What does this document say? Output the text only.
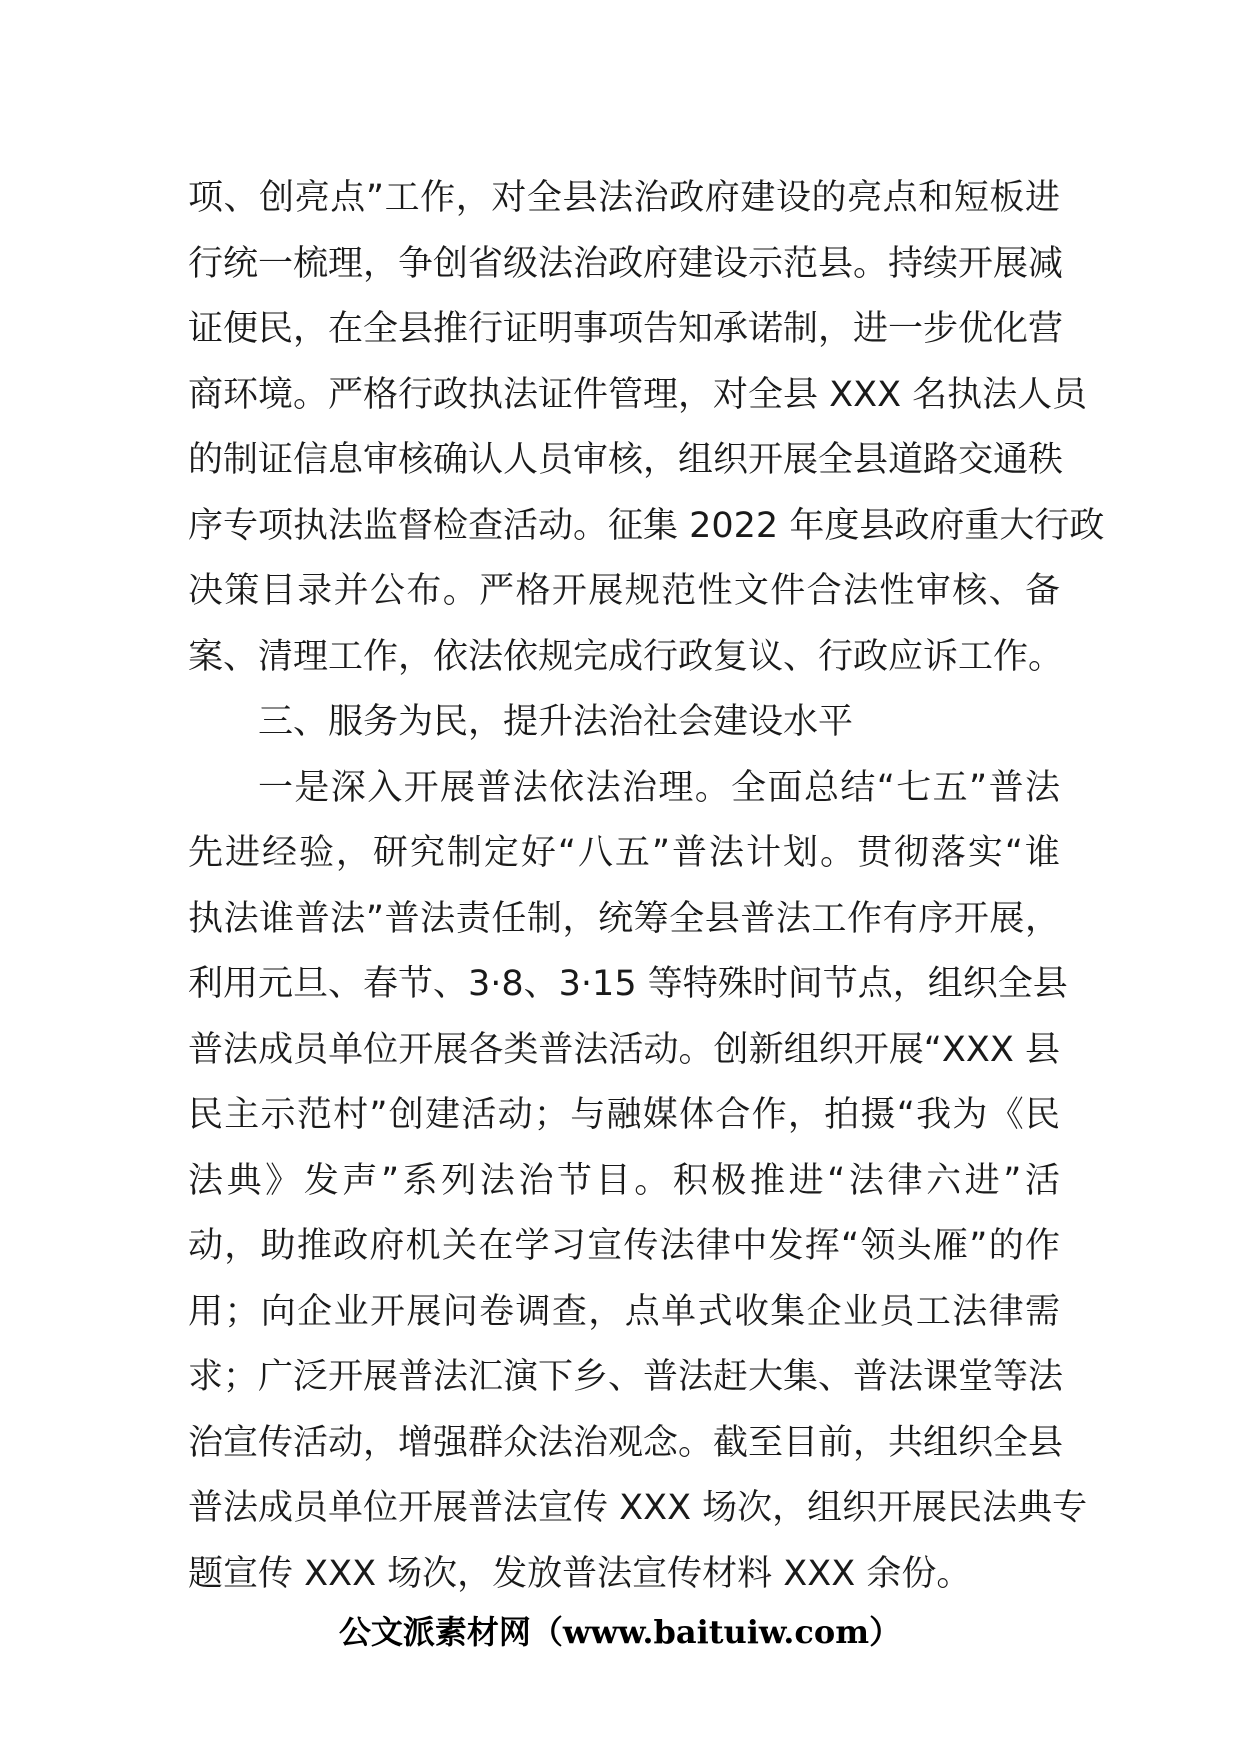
项、创亮点”工作，对全县法治政府建设的亮点和短板进
行统一梳理，争创省级法治政府建设示范县。持续开展减
证便民，在全县推行证明事项告知承诺制，进一步优化营
商环境。严格行政执法证件管理，对全县 XXX 名执法人员
的制证信息审核确认人员审核，组织开展全县道路交通秩
序专项执法监督检查活动。征集 2022 年度县政府重大行政
决策目录并公布。严格开展规范性文件合法性审核、备
案、清理工作，依法依规完成行政复议、行政应诉工作。
三、服务为民，提升法治社会建设水平
一是深入开展普法依法治理。全面总结“七五”普法
先进经验，研究制定好“八五”普法计划。贯彻落实“谁
执法谁普法”普法责任制，统筹全县普法工作有序开展，
利用元旦、春节、3·8、3·15 等特殊时间节点，组织全县
普法成员单位开展各类普法活动。创新组织开展“XXX 县
民主示范村”创建活动；与融媒体合作，拍摄“我为《民
法典》发声”系列法治节目。积极推进“法律六进”活
动，助推政府机关在学习宣传法律中发挥“领头雁”的作
用；向企业开展问卷调查，点单式收集企业员工法律需
求；广泛开展普法汇演下乡、普法赶大集、普法课堂等法
治宣传活动，增强群众法治观念。截至目前，共组织全县
普法成员单位开展普法宣传 XXX 场次，组织开展民法典专
题宣传 XXX 场次，发放普法宣传材料 XXX 余份。
公文派素材网（www.baituiw.com）
